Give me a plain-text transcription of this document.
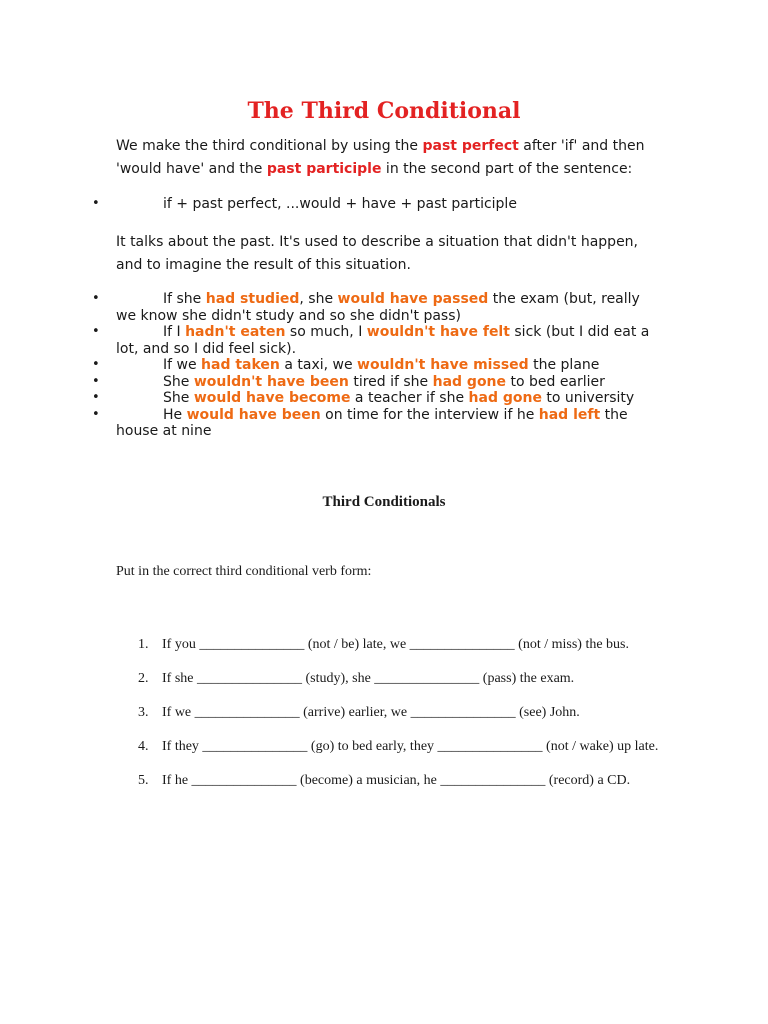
The Third Conditional

We make the third conditional by using the past perfect after 'if' and then 'would have' and the past participle in the second part of the sentence:

•	if + past perfect, ...would + have + past participle

It talks about the past. It's used to describe a situation that didn't happen, and to imagine the result of this situation.

•	If she had studied, she would have passed the exam (but, really we know she didn't study and so she didn't pass)
•	If I hadn't eaten so much, I wouldn't have felt sick (but I did eat a lot, and so I did feel sick).
•	If we had taken a taxi, we wouldn't have missed the plane
•	She wouldn't have been tired if she had gone to bed earlier
•	She would have become a teacher if she had gone to university
•	He would have been on time for the interview if he had left the house at nine
Third Conditionals

Put in the correct third conditional verb form:

1. If you _______________ (not / be) late, we _______________ (not / miss) the bus.
2. If she _______________ (study), she _______________ (pass) the exam.
3. If we _______________ (arrive) earlier, we _______________ (see) John.
4. If they _______________ (go) to bed early, they _______________ (not / wake) up late.
5. If he _______________ (become) a musician, he _______________ (record) a CD.
